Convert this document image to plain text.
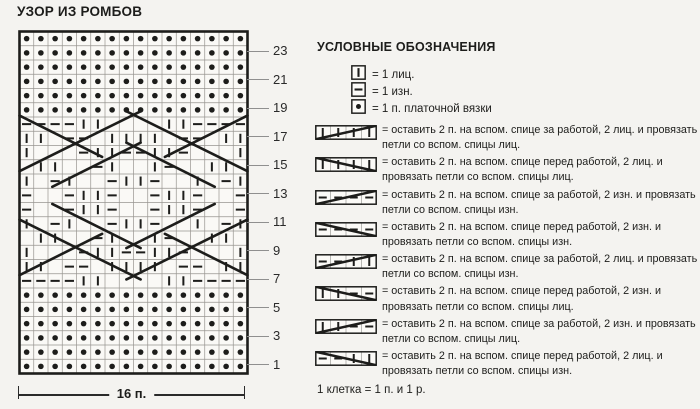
УЗОР ИЗ РОМБОВ
23
21
19
17
15
13
11
9
7
5
3
1
16 п.
УСЛОВНЫЕ ОБОЗНАЧЕНИЯ
= 1 лиц.
= 1 изн.
= 1 п. платочной вязки
= оставить 2 п. на вспом. спице за работой, 2 лиц. и провязать петли со вспом. спицы лиц.
= оставить 2 п. на вспом. спице перед работой, 2 лиц. и провязать петли со вспом. спицы лиц.
= оставить 2 п. на вспом. спице за работой, 2 изн. и провязать петли со вспом. спицы изн.
= оставить 2 п. на вспом. спице перед работой, 2 изн. и провязать петли со вспом. спицы изн.
= оставить 2 п. на вспом. спице за работой, 2 лиц. и провязать петли со вспом. спицы изн.
= оставить 2 п. на вспом. спице перед работой, 2 изн. и провязать петли со вспом. спицы лиц.
= оставить 2 п. на вспом. спице за работой, 2 изн. и провязать петли со вспом. спицы лиц.
= оставить 2 п. на вспом. спице перед работой, 2 лиц. и провязать петли со вспом. спицы изн.
1 клетка = 1 п. и 1 р.
